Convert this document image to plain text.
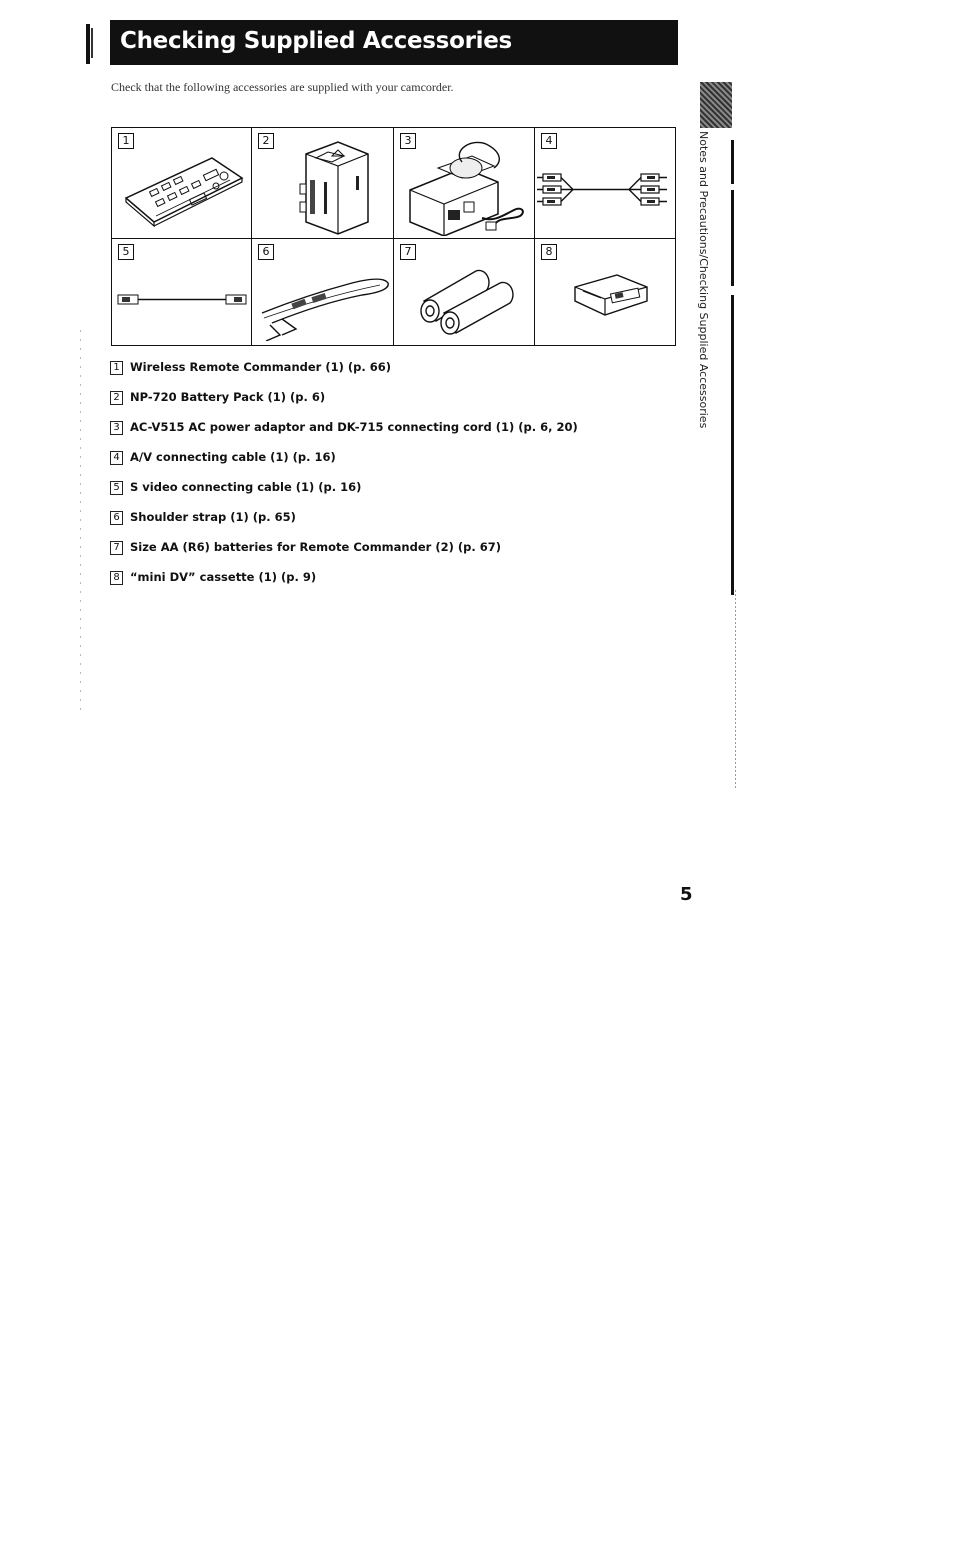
Checking Supplied Accessories
Check that the following accessories are supplied with your camcorder.
1	2	3	4
5	6	7	8
1 Wireless Remote Commander (1) (p. 66)
2 NP-720 Battery Pack (1) (p. 6)
3 AC-V515 AC power adaptor and DK-715 connecting cord (1) (p. 6, 20)
4 A/V connecting cable (1) (p. 16)
5 S video connecting cable (1) (p. 16)
6 Shoulder strap (1) (p. 65)
7 Size AA (R6) batteries for Remote Commander (2) (p. 67)
8 “mini DV” cassette (1) (p. 9)
Notes and Precautions/Checking Supplied Accessories
5
